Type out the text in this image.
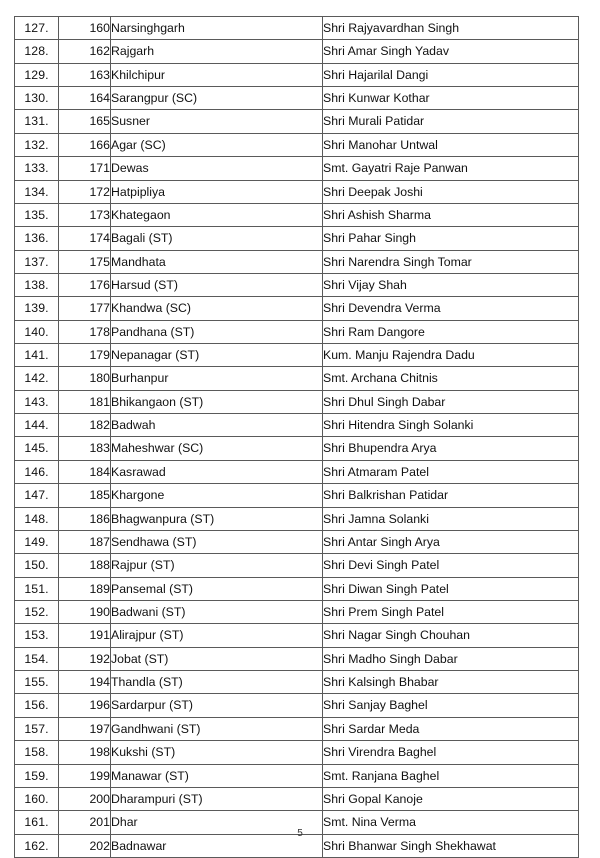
127.	160	Narsinghgarh	Shri Rajyavardhan Singh
128.	162	Rajgarh	Shri Amar Singh Yadav
129.	163	Khilchipur	Shri Hajarilal Dangi
130.	164	Sarangpur (SC)	Shri Kunwar Kothar
131.	165	Susner	Shri Murali Patidar
132.	166	Agar (SC)	Shri Manohar Untwal
133.	171	Dewas	Smt. Gayatri Raje Panwan
134.	172	Hatpipliya	Shri Deepak Joshi
135.	173	Khategaon	Shri Ashish Sharma
136.	174	Bagali (ST)	Shri Pahar Singh
137.	175	Mandhata	Shri Narendra Singh Tomar
138.	176	Harsud (ST)	Shri Vijay Shah
139.	177	Khandwa (SC)	Shri Devendra Verma
140.	178	Pandhana (ST)	Shri Ram Dangore
141.	179	Nepanagar (ST)	Kum. Manju Rajendra Dadu
142.	180	Burhanpur	Smt. Archana Chitnis
143.	181	Bhikangaon (ST)	Shri Dhul Singh Dabar
144.	182	Badwah	Shri Hitendra Singh Solanki
145.	183	Maheshwar (SC)	Shri Bhupendra Arya
146.	184	Kasrawad	Shri Atmaram Patel
147.	185	Khargone	Shri Balkrishan Patidar
148.	186	Bhagwanpura (ST)	Shri Jamna Solanki
149.	187	Sendhawa (ST)	Shri Antar Singh Arya
150.	188	Rajpur (ST)	Shri Devi Singh Patel
151.	189	Pansemal (ST)	Shri Diwan Singh Patel
152.	190	Badwani (ST)	Shri Prem Singh Patel
153.	191	Alirajpur (ST)	Shri Nagar Singh Chouhan
154.	192	Jobat (ST)	Shri Madho Singh Dabar
155.	194	Thandla (ST)	Shri Kalsingh Bhabar
156.	196	Sardarpur (ST)	Shri Sanjay Baghel
157.	197	Gandhwani (ST)	Shri Sardar Meda
158.	198	Kukshi (ST)	Shri Virendra Baghel
159.	199	Manawar (ST)	Smt. Ranjana Baghel
160.	200	Dharampuri (ST)	Shri Gopal Kanoje
161.	201	Dhar	Smt. Nina Verma
162.	202	Badnawar	Shri Bhanwar Singh Shekhawat
5
